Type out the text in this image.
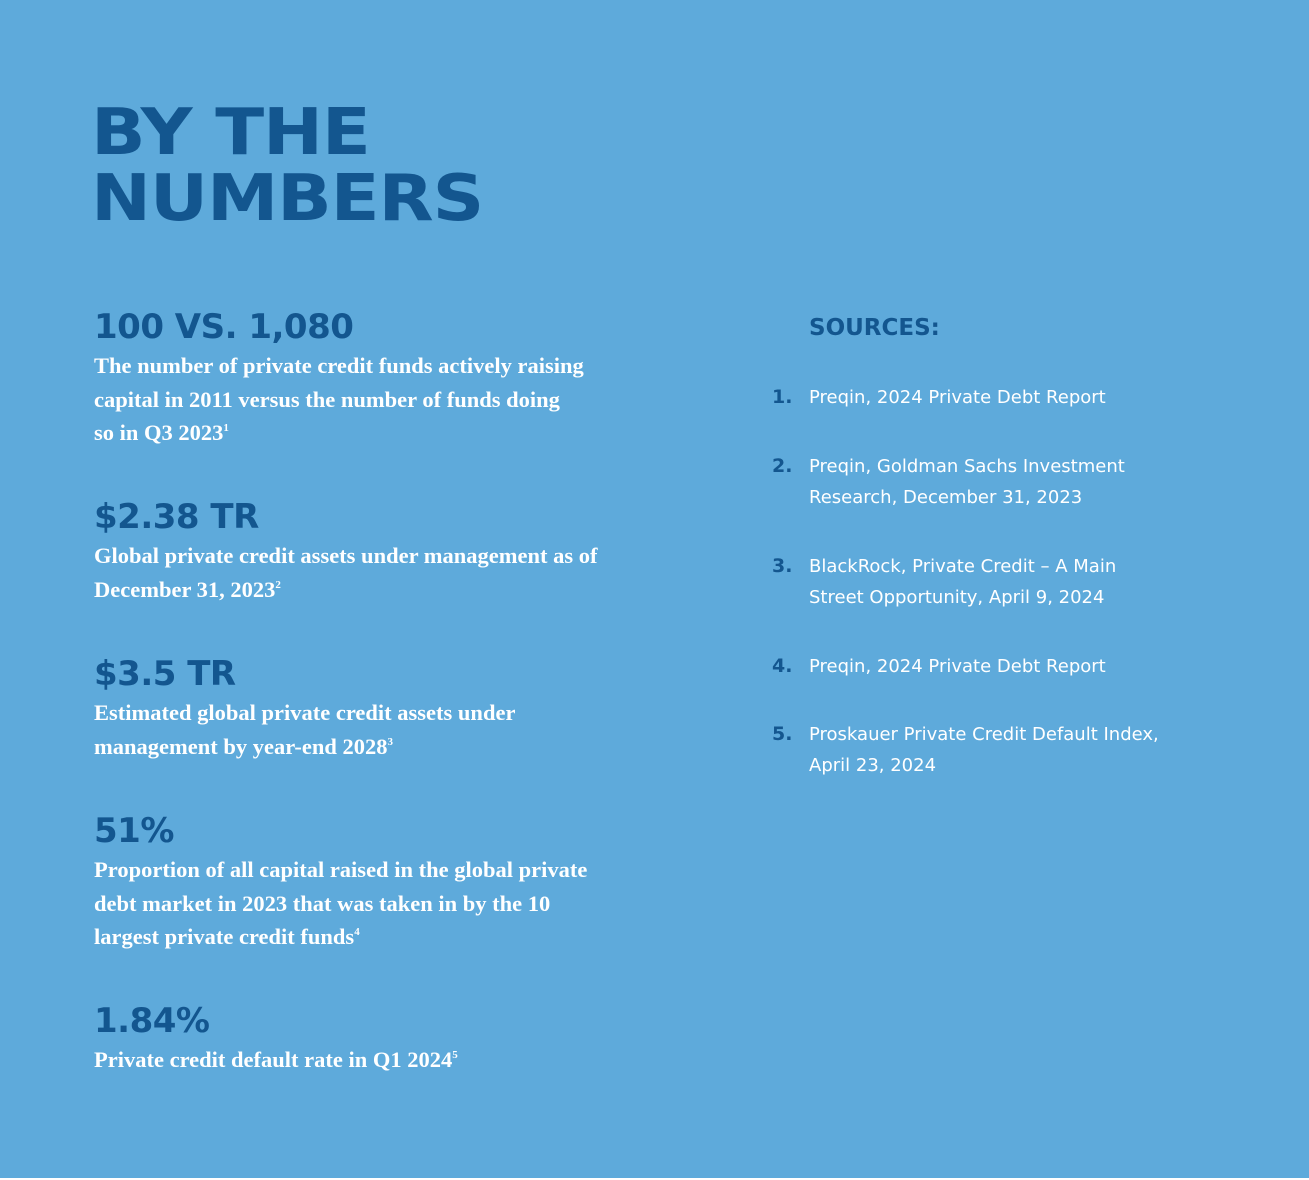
BY THE
NUMBERS

100 VS. 1,080

The number of private credit funds actively raising capital in 2011 versus the number of funds doing so in Q3 2023$^1$

$2.38 TR

Global private credit assets under management as of December 31, 2023$^2$

$3.5 TR

Estimated global private credit assets under management by year-end 2028$^3$

51%

Proportion of all capital raised in the global private debt market in 2023 that was taken in by the 10 largest private credit funds$^4$

1.84%

Private credit default rate in Q1 2024$^5$

SOURCES:
1. Preqin, 2024 Private Debt Report
2. Preqin, Goldman Sachs Investment Research, December 31, 2023
3. BlackRock, Private Credit – A Main Street Opportunity, April 9, 2024
4. Preqin, 2024 Private Debt Report
5. Proskauer Private Credit Default Index, April 23, 2024
